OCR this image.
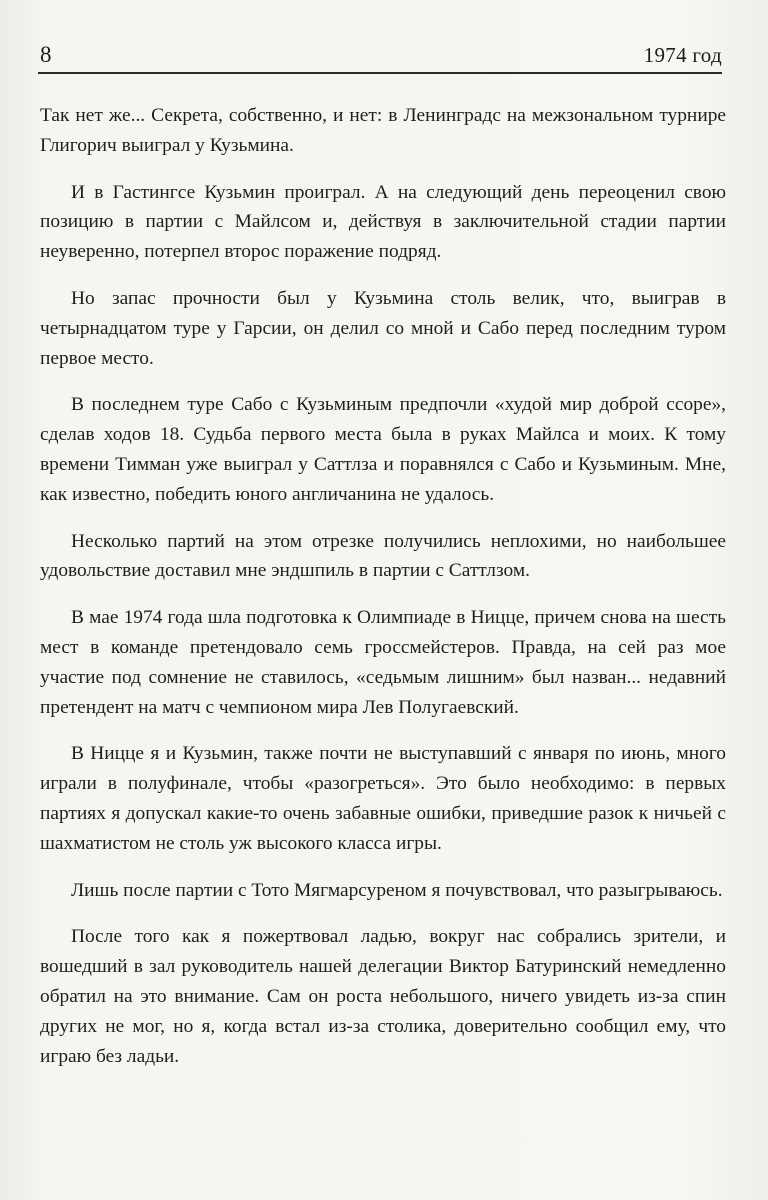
8	1974 год

Так нет же... Секрета, собственно, и нет: в Ленинградс на межзональном турнире Глигорич выиграл у Кузьмина.

И в Гастингсе Кузьмин проиграл. А на следующий день переоценил свою позицию в партии с Майлсом и, действуя в заключительной стадии партии неуверенно, потерпел второс поражение подряд.

Но запас прочности был у Кузьмина столь велик, что, выиграв в четырнадцатом туре у Гарсии, он делил со мной и Сабо перед последним туром первое место.

В последнем туре Сабо с Кузьминым предпочли «худой мир доброй ссоре», сделав ходов 18. Судьба первого места была в руках Майлса и моих. К тому времени Тимман уже выиграл у Саттлза и поравнялся с Сабо и Кузьминым. Мне, как известно, победить юного англичанина не удалось.

Несколько партий на этом отрезке получились неплохими, но наибольшее удовольствие доставил мне эндшпиль в партии с Саттлзом.

В мае 1974 года шла подготовка к Олимпиаде в Ницце, причем снова на шесть мест в команде претендовало семь гроссмейстеров. Правда, на сей раз мое участие под сомнение не ставилось, «седьмым лишним» был назван... недавний претендент на матч с чемпионом мира Лев Полугаевский.

В Ницце я и Кузьмин, также почти не выступавший с января по июнь, много играли в полуфинале, чтобы «разогреться». Это было необходимо: в первых партиях я допускал какие-то очень забавные ошибки, приведшие разок к ничьей с шахматистом не столь уж высокого класса игры.

Лишь после партии с Тото Мягмарсуреном я почувствовал, что разыгрываюсь.

После того как я пожертвовал ладью, вокруг нас собрались зрители, и вошедший в зал руководитель нашей делегации Виктор Батуринский немедленно обратил на это внимание. Сам он роста небольшого, ничего увидеть из-за спин других не мог, но я, когда встал из-за столика, доверительно сообщил ему, что играю без ладьи.
